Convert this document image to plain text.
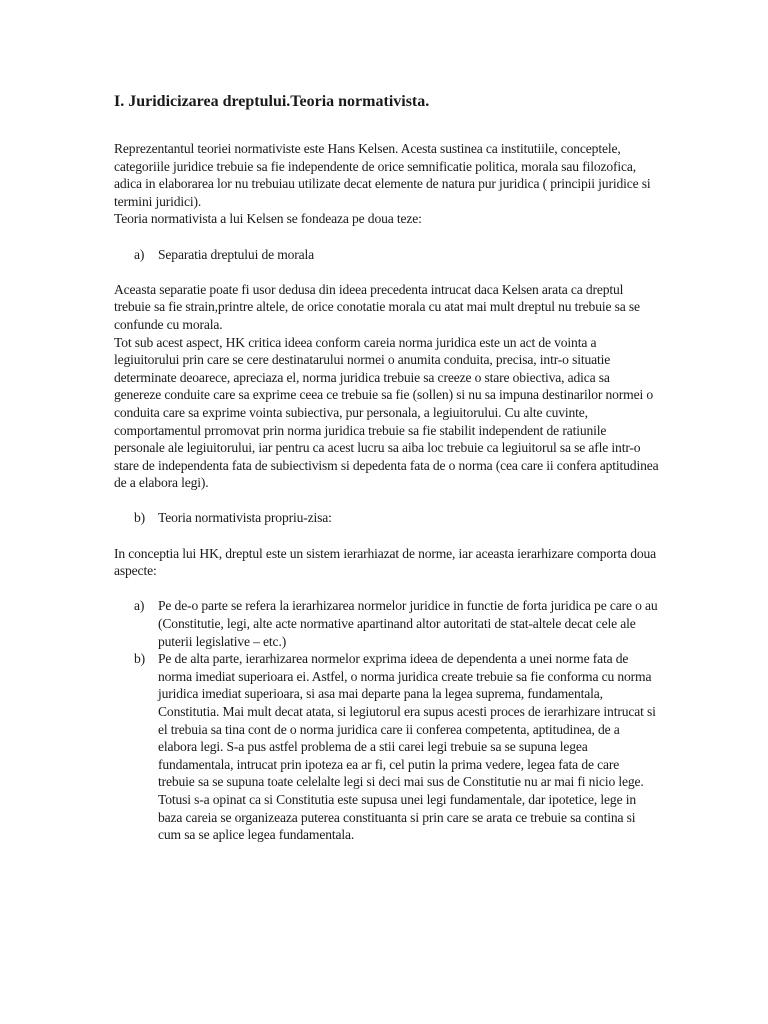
I. Juridicizarea dreptului.Teoria normativista.

Reprezentantul teoriei normativiste este Hans Kelsen. Acesta sustinea ca institutiile, conceptele, categoriile juridice trebuie sa fie independente de orice semnificatie politica, morala sau filozofica, adica in elaborarea lor nu trebuiau utilizate decat elemente de natura pur juridica ( principii juridice si termini juridici).

Teoria normativista a lui Kelsen se fondeaza pe doua teze:

a)	Separatia dreptului de morala

Aceasta separatie poate fi usor dedusa din ideea precedenta intrucat daca Kelsen arata ca dreptul trebuie sa fie strain,printre altele, de orice conotatie morala cu atat mai mult dreptul nu trebuie sa se confunde cu morala.

Tot sub acest aspect, HK critica ideea conform careia norma juridica este un act de vointa a legiuitorului prin care se cere destinatarului normei o anumita conduita, precisa, intr-o situatie determinate deoarece, apreciaza el, norma juridica trebuie sa creeze o stare obiectiva, adica sa genereze conduite care sa exprime ceea ce trebuie sa fie (sollen) si nu sa impuna destinarilor normei o conduita care sa exprime vointa subiectiva, pur personala, a legiuitorului. Cu alte cuvinte, comportamentul prromovat prin norma juridica trebuie sa fie stabilit independent de ratiunile personale ale legiuitorului, iar pentru ca acest lucru sa aiba loc trebuie ca legiuitorul sa se afle intr-o stare de independenta fata de subiectivism si depedenta fata de o norma (cea care ii confera aptitudinea de a elabora legi).

b) Teoria normativista propriu-zisa:

In conceptia lui HK, dreptul este un sistem ierarhiazat de norme, iar aceasta ierarhizare comporta doua aspecte:

a)	Pe de-o parte se refera la ierarhizarea normelor juridice in functie de forta juridica pe care o au (Constitutie, legi, alte acte normative apartinand altor autoritati de stat-altele decat cele ale puterii legislative – etc.)

b) Pe de alta parte, ierarhizarea normelor exprima ideea de dependenta a unei norme fata de norma imediat superioara ei. Astfel, o norma juridica create trebuie sa fie conforma cu norma juridica imediat superioara, si asa mai departe pana la legea suprema, fundamentala, Constitutia. Mai mult decat atata, si legiutorul era supus acesti proces de ierarhizare intrucat si el trebuia sa tina cont de o norma juridica care ii conferea competenta, aptitudinea, de a elabora legi. S-a pus astfel problema de a stii carei legi trebuie sa se supuna legea fundamentala, intrucat prin ipoteza ea ar fi, cel putin la prima vedere, legea fata de care trebuie sa se supuna toate celelalte legi si deci mai sus de Constitutie nu ar mai fi nicio lege. Totusi s-a opinat ca si Constitutia este supusa unei legi fundamentale, dar ipotetice, lege in baza careia se organizeaza puterea constituanta si prin care se arata ce trebuie sa contina si cum sa se aplice legea fundamentala.
